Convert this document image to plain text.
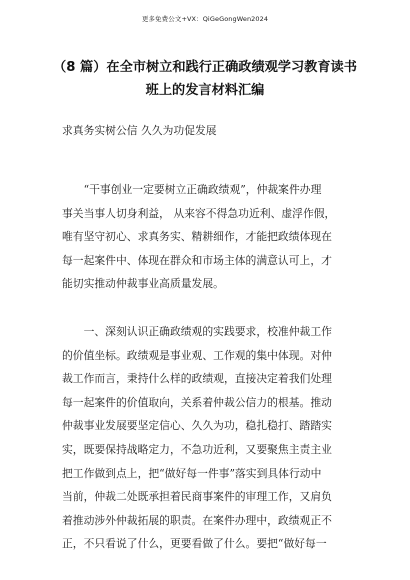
更多免费公文+VX：QiGeGongWen2024
（8 篇）在全市树立和践行正确政绩观学习教育读书
班上的发言材料汇编
求真务实树公信 久久为功促发展
　　“干事创业一定要树立正确政绩观”，仲裁案件办理
事关当事人切身利益， 从来容不得急功近利、虚浮作假，
唯有坚守初心、求真务实、精耕细作，才能把政绩体现在
每一起案件中、体现在群众和市场主体的满意认可上，才
能切实推动仲裁事业高质量发展。
　　一、深刻认识正确政绩观的实践要求，校准仲裁工作
的价值坐标。政绩观是事业观、工作观的集中体现。对仲
裁工作而言，秉持什么样的政绩观，直接决定着我们处理
每一起案件的价值取向，关系着仲裁公信力的根基。推动
仲裁事业发展要坚定信心、久久为功，稳扎稳打、踏踏实
实，既要保持战略定力，不急功近利，又要聚焦主责主业
把工作做到点上，把“做好每一件事”落实到具体行动中
当前，仲裁二处既承担着民商事案件的审理工作，又肩负
着推动涉外仲裁拓展的职责。在案件办理中，政绩观正不
正，不只看说了什么，更要看做了什么。要把“做好每一
